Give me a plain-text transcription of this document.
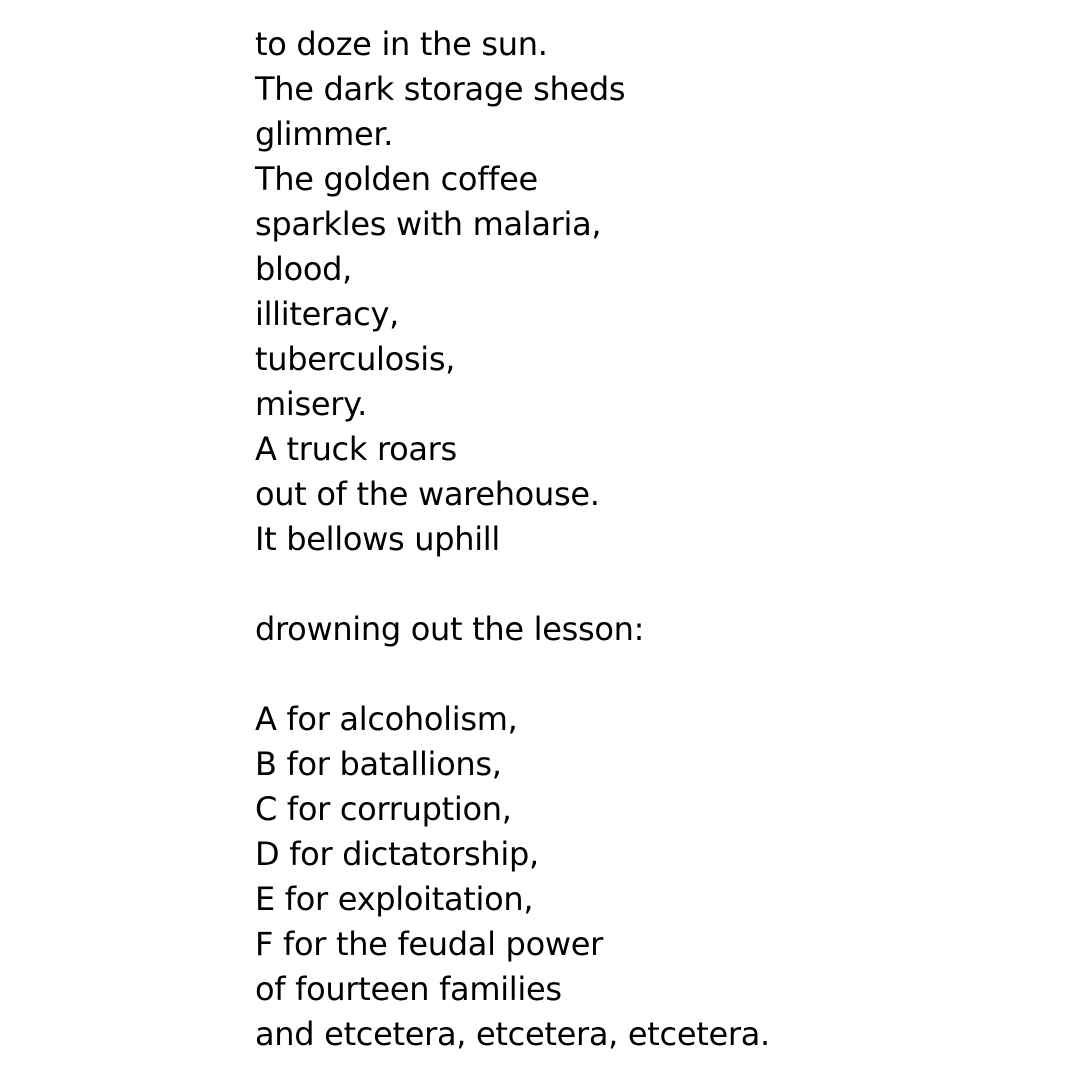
to doze in the sun.
The dark storage sheds
glimmer.
The golden coffee
sparkles with malaria,
blood,
illiteracy,
tuberculosis,
misery.
A truck roars
out of the warehouse.
It bellows uphill
drowning out the lesson:
A for alcoholism,
B for batallions,
C for corruption,
D for dictatorship,
E for exploitation,
F for the feudal power
of fourteen families
and etcetera, etcetera, etcetera.
